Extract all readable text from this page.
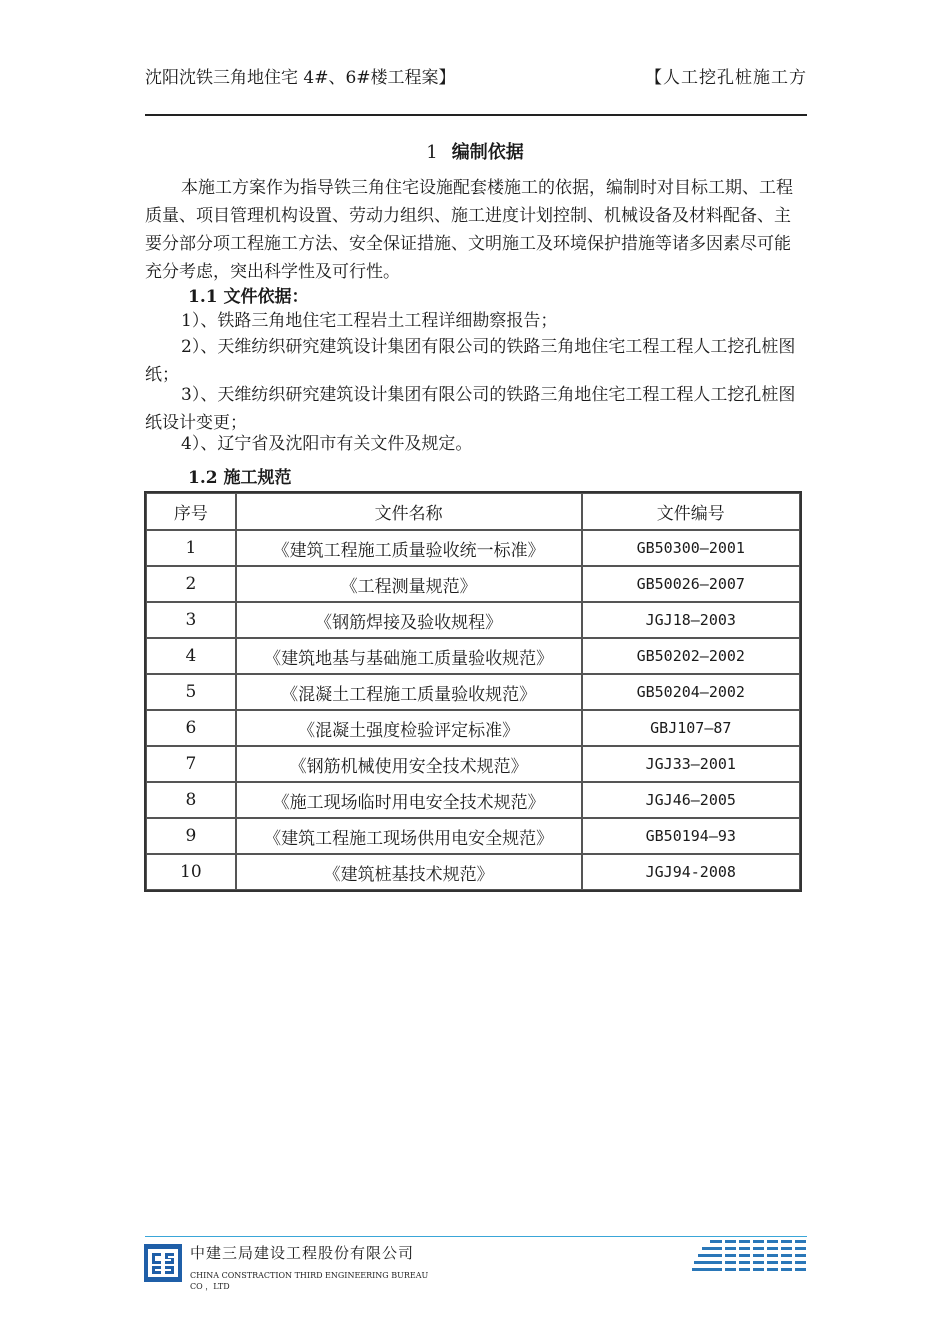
沈阳沈铁三角地住宅 4#、6#楼工程案】	【人工挖孔桩施工方
1 编制依据
本施工方案作为指导铁三角住宅设施配套楼施工的依据，编制时对目标工期、工程质量、项目管理机构设置、劳动力组织、施工进度计划控制、机械设备及材料配备、主要分部分项工程施工方法、安全保证措施、文明施工及环境保护措施等诸多因素尽可能充分考虑，突出科学性及可行性。
1.1 文件依据：
1）、铁路三角地住宅工程岩土工程详细勘察报告；
2）、天维纺织研究建筑设计集团有限公司的铁路三角地住宅工程工程人工挖孔桩图纸；
3）、天维纺织研究建筑设计集团有限公司的铁路三角地住宅工程工程人工挖孔桩图纸设计变更；
4）、辽宁省及沈阳市有关文件及规定。
1.2 施工规范
序号	文件名称	文件编号
1	《建筑工程施工质量验收统一标准》	GB50300—2001
2	《工程测量规范》	GB50026—2007
3	《钢筋焊接及验收规程》	JGJ18—2003
4	《建筑地基与基础施工质量验收规范》	GB50202—2002
5	《混凝土工程施工质量验收规范》	GB50204—2002
6	《混凝土强度检验评定标准》	GBJ107—87
7	《钢筋机械使用安全技术规范》	JGJ33—2001
8	《施工现场临时用电安全技术规范》	JGJ46—2005
9	《建筑工程施工现场供用电安全规范》	GB50194—93
10	《建筑桩基技术规范》	JGJ94-2008
中建三局建设工程股份有限公司
CHINA CONSTRACTION THIRD ENGINEERING BUREAU CO ，LTD
